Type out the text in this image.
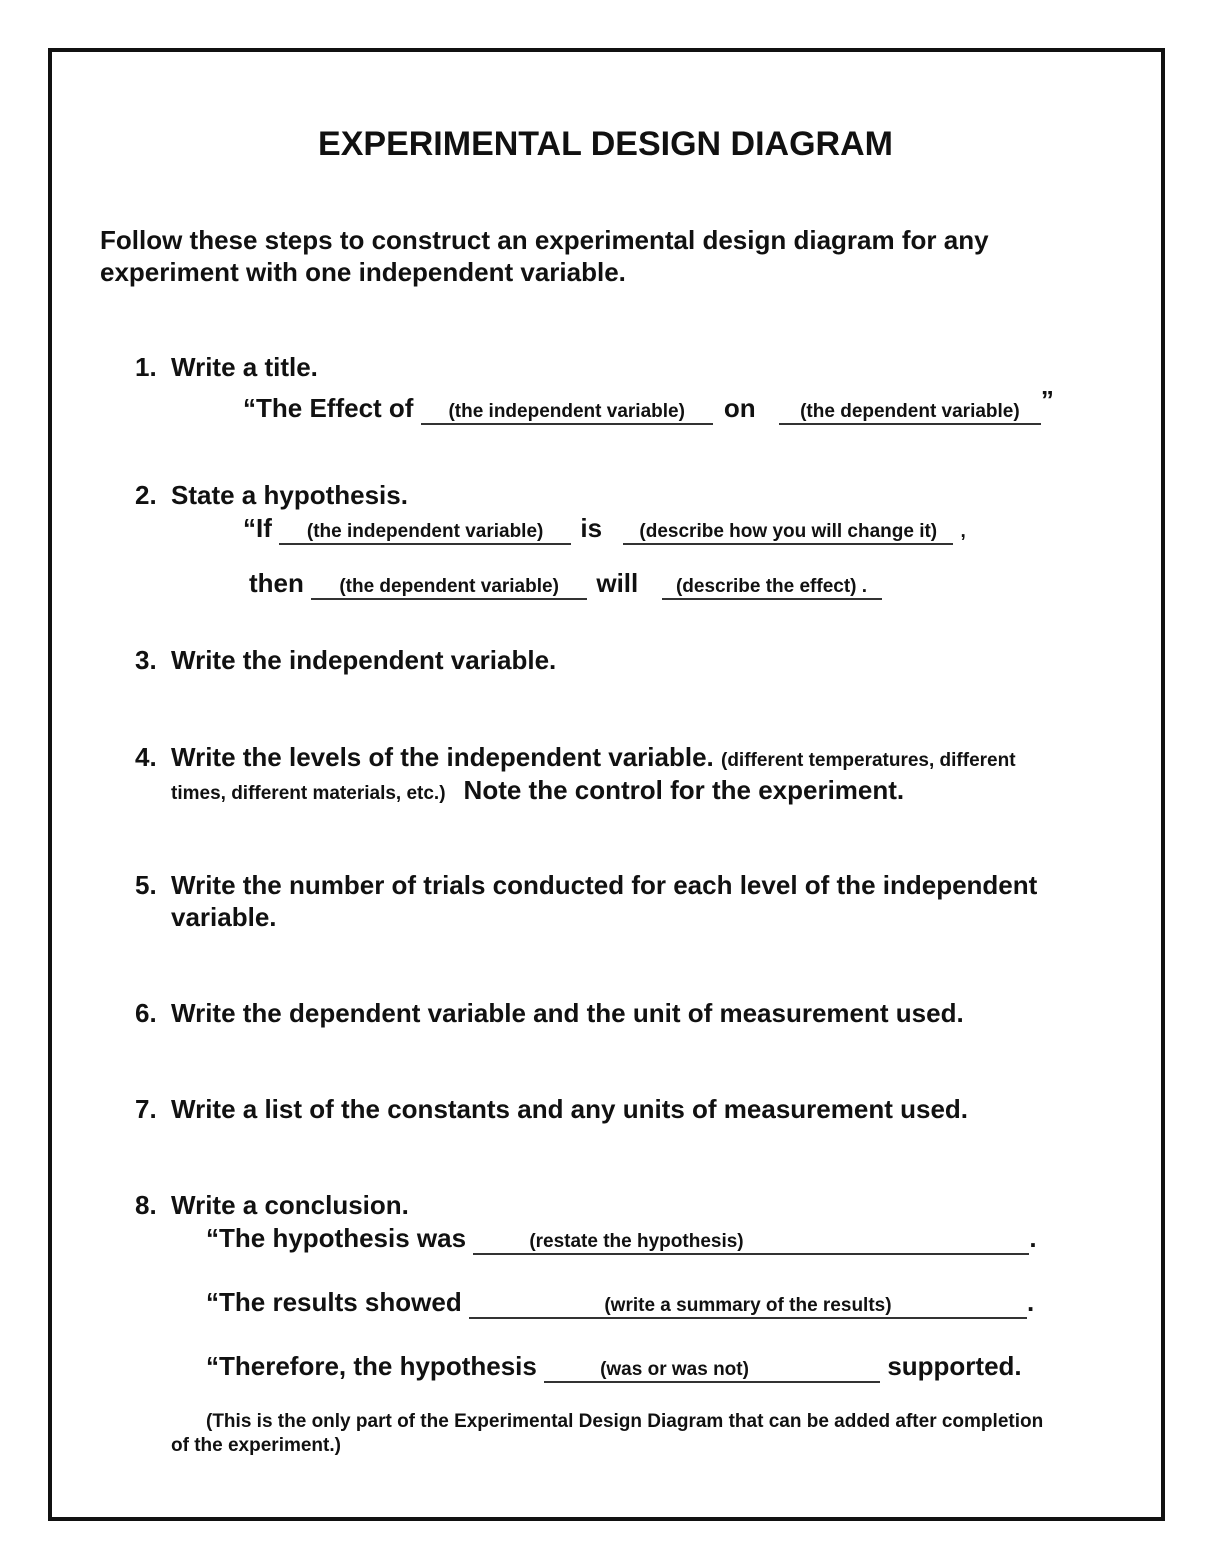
EXPERIMENTAL DESIGN DIAGRAM
Follow these steps to construct an experimental design diagram for any
experiment with one independent variable.
1. Write a title.
“The Effect of (the independent variable) on (the dependent variable) ”
2. State a hypothesis.
“If (the independent variable) is (describe how you will change it) ,
then (the dependent variable) will (describe the effect) .
3. Write the independent variable.
4. Write the levels of the independent variable. (different temperatures, different
times, different materials, etc.) Note the control for the experiment.
5. Write the number of trials conducted for each level of the independent
variable.
6. Write the dependent variable and the unit of measurement used.
7. Write a list of the constants and any units of measurement used.
8. Write a conclusion.
“The hypothesis was	(restate the hypothesis)	.
“The results showed	(write a summary of the results)	.
“Therefore, the hypothesis	(was or was not)	supported.
(This is the only part of the Experimental Design Diagram that can be added after completion
of the experiment.)
